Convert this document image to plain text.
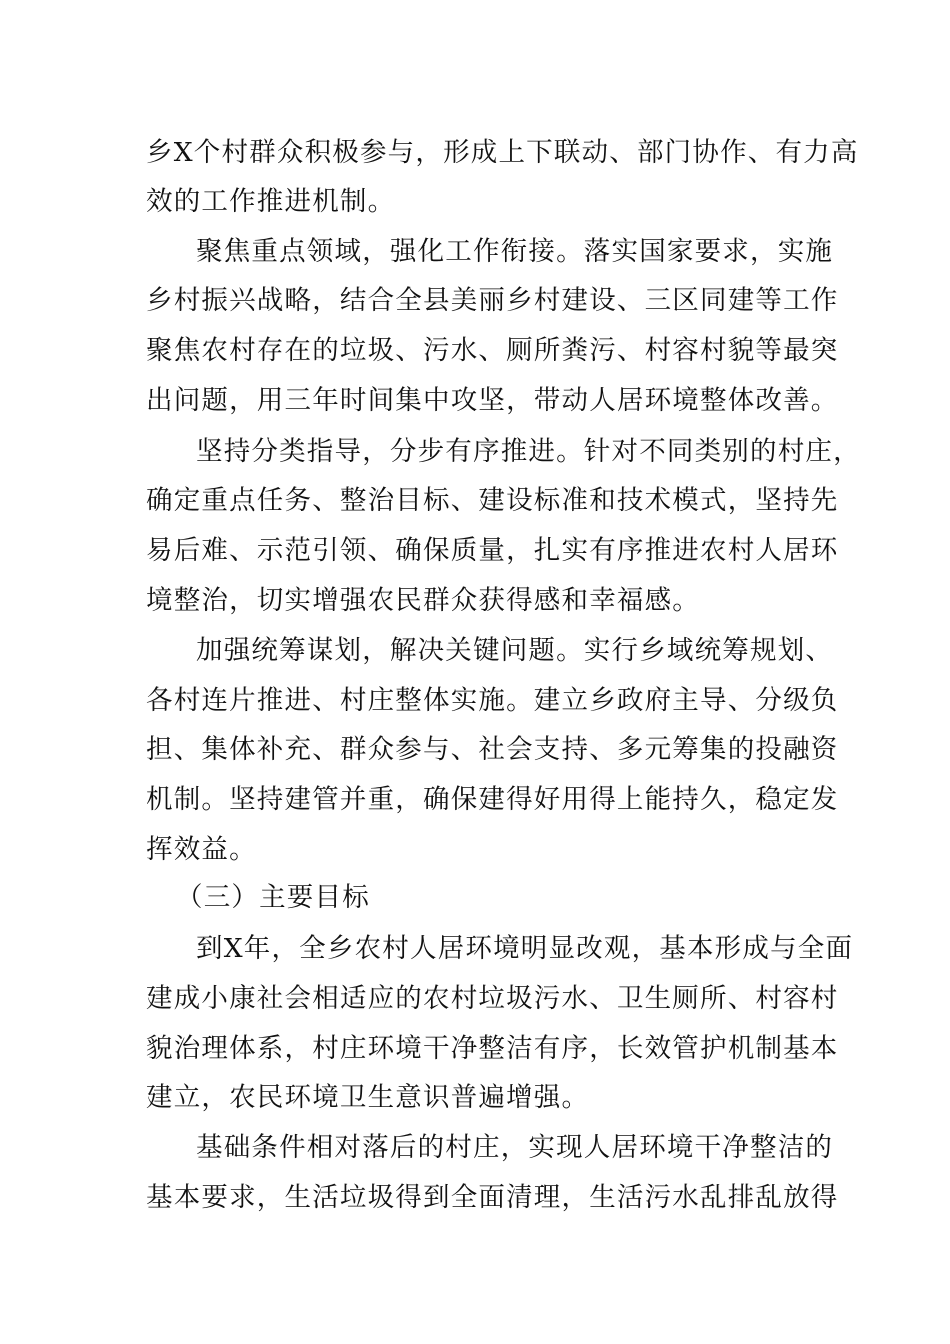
乡X个村群众积极参与，形成上下联动、部门协作、有力高
效的工作推进机制。
聚焦重点领域，强化工作衔接。落实国家要求，实施
乡村振兴战略，结合全县美丽乡村建设、三区同建等工作
聚焦农村存在的垃圾、污水、厕所粪污、村容村貌等最突
出问题，用三年时间集中攻坚，带动人居环境整体改善。
坚持分类指导，分步有序推进。针对不同类别的村庄，
确定重点任务、整治目标、建设标准和技术模式，坚持先
易后难、示范引领、确保质量，扎实有序推进农村人居环
境整治，切实增强农民群众获得感和幸福感。
加强统筹谋划，解决关键问题。实行乡域统筹规划、
各村连片推进、村庄整体实施。建立乡政府主导、分级负
担、集体补充、群众参与、社会支持、多元筹集的投融资
机制。坚持建管并重，确保建得好用得上能持久，稳定发
挥效益。
（三）主要目标
到X年，全乡农村人居环境明显改观，基本形成与全面
建成小康社会相适应的农村垃圾污水、卫生厕所、村容村
貌治理体系，村庄环境干净整洁有序，长效管护机制基本
建立，农民环境卫生意识普遍增强。
基础条件相对落后的村庄，实现人居环境干净整洁的
基本要求，生活垃圾得到全面清理，生活污水乱排乱放得
